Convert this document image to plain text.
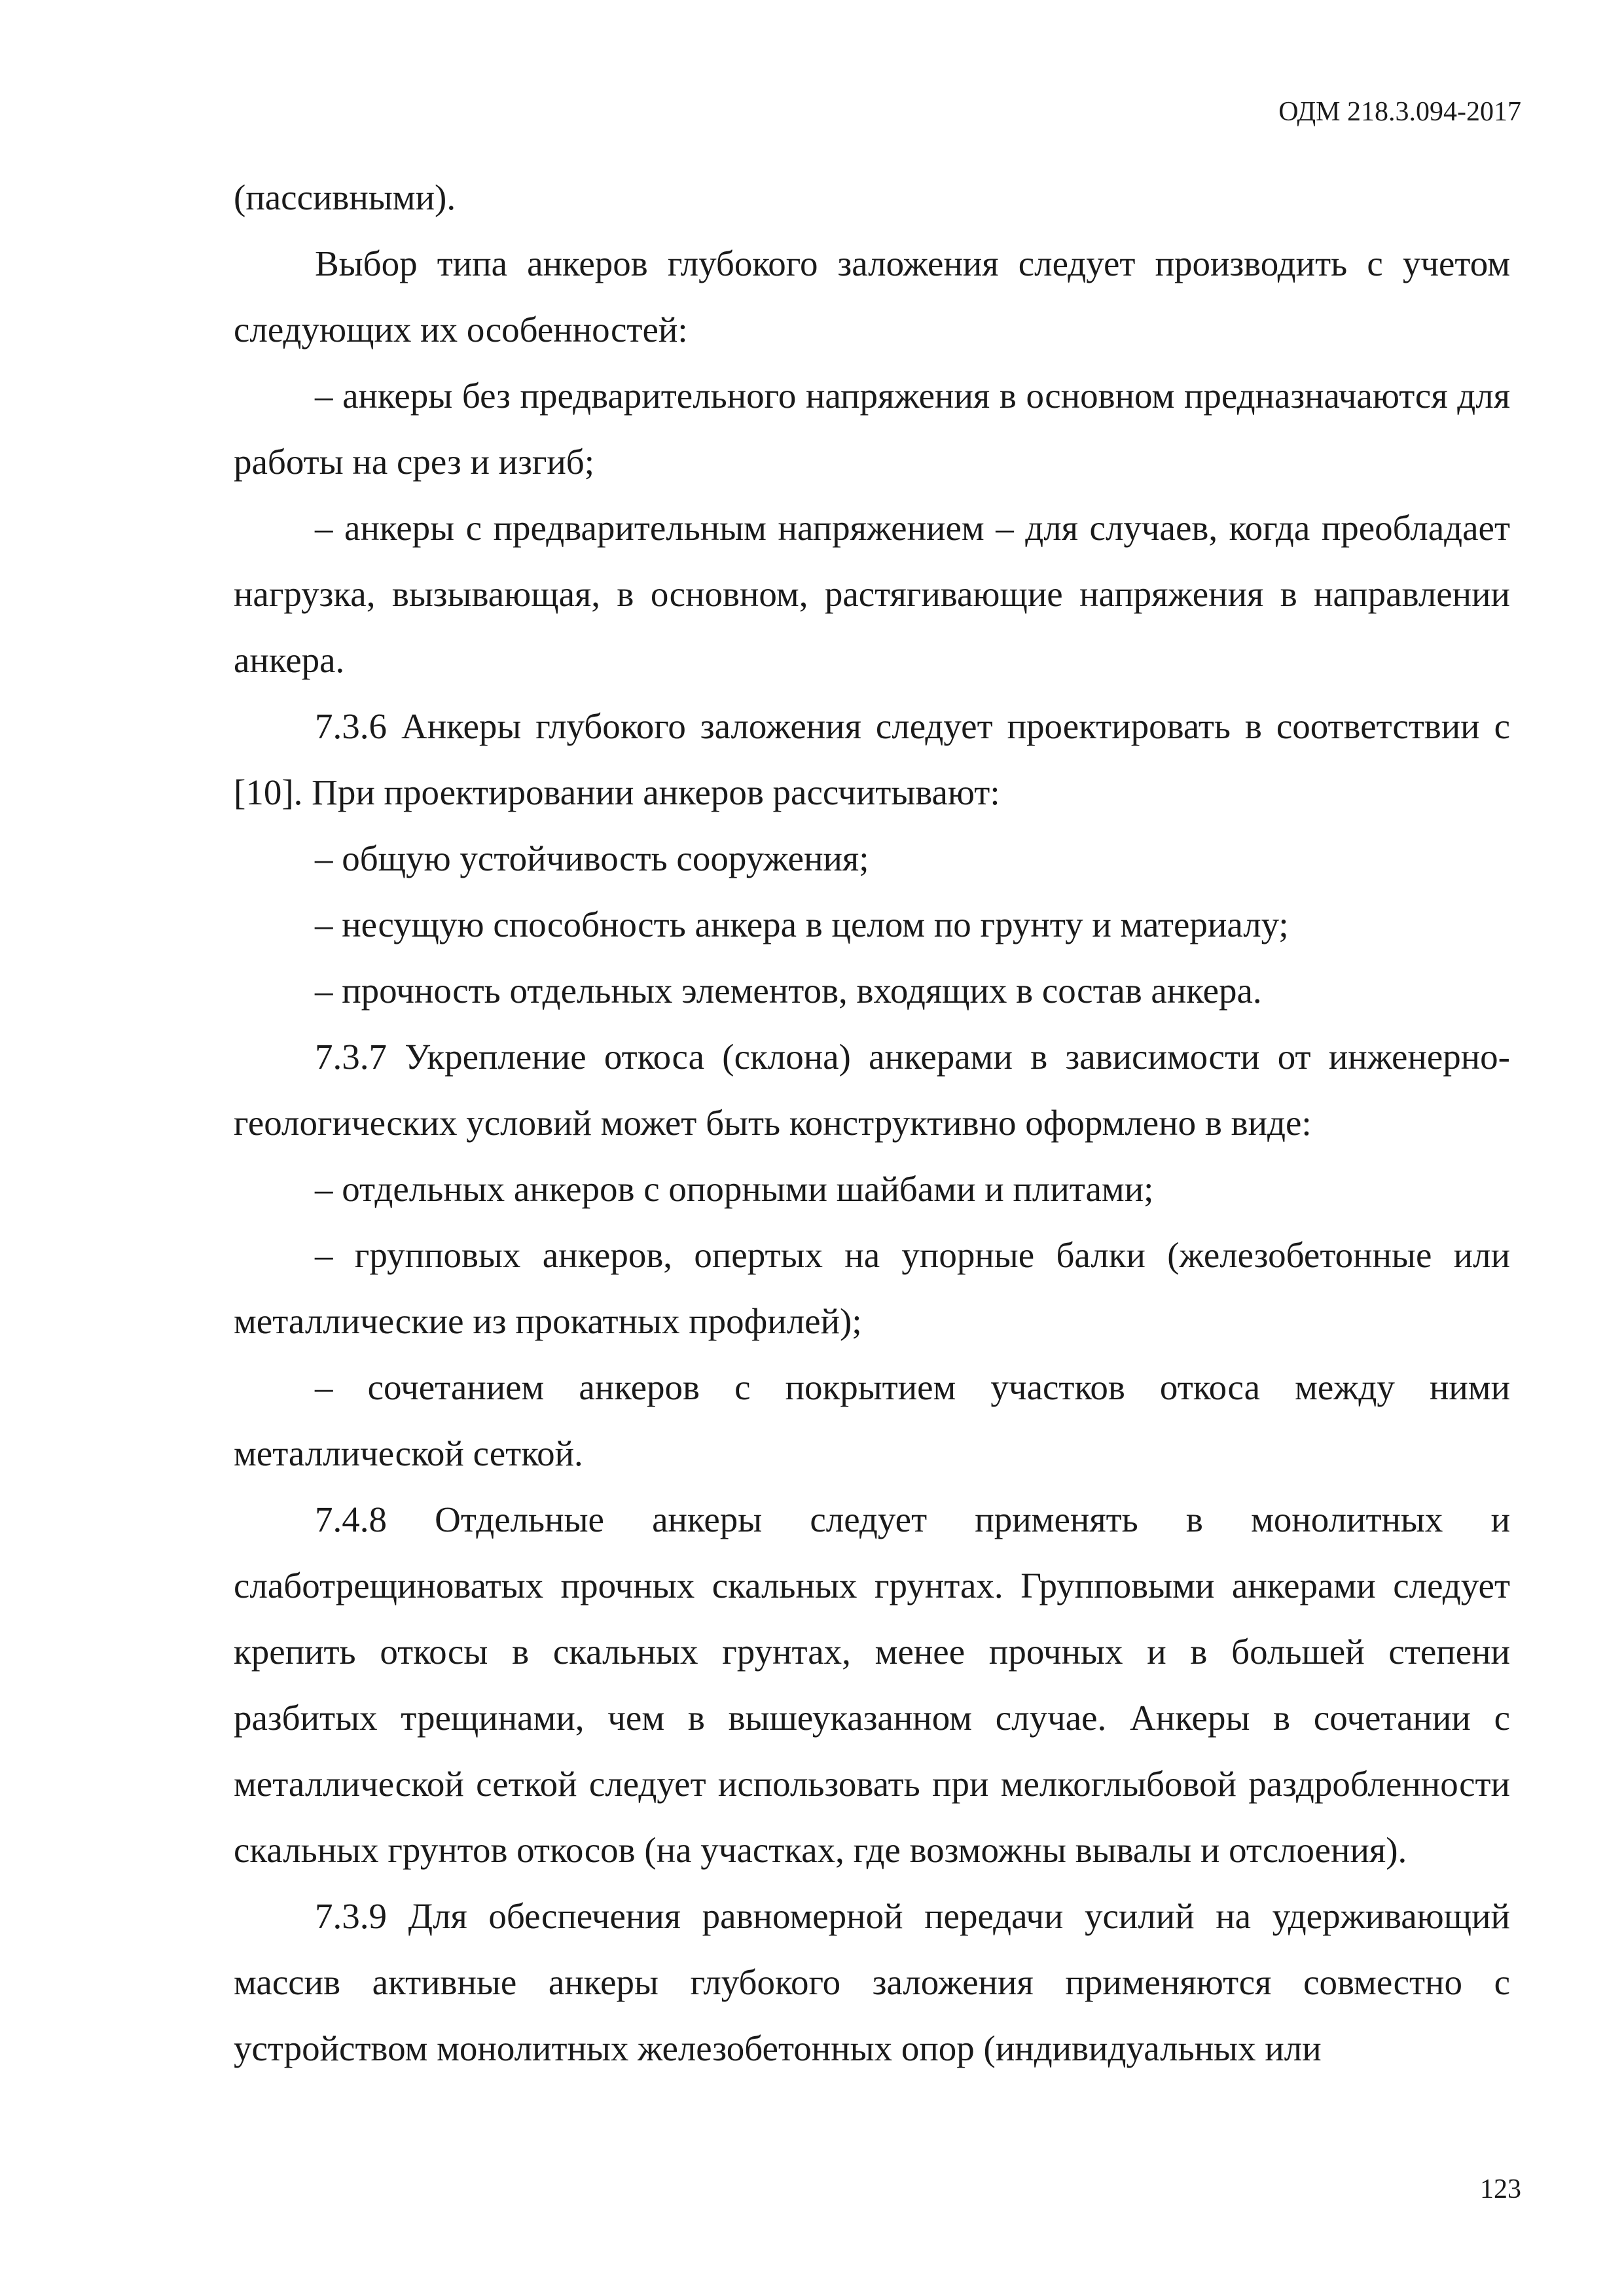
ОДМ 218.3.094-2017

(пассивными).

Выбор типа анкеров глубокого заложения следует производить с учетом следующих их особенностей:

– анкеры без предварительного напряжения в основном предназначаются для работы на срез и изгиб;

– анкеры с предварительным напряжением – для случаев, когда преобладает нагрузка, вызывающая, в основном, растягивающие напряжения в направлении анкера.

7.3.6 Анкеры глубокого заложения следует проектировать в соответствии с [10]. При проектировании анкеров рассчитывают:

– общую устойчивость сооружения;

– несущую способность анкера в целом по грунту и материалу;

– прочность отдельных элементов, входящих в состав анкера.

7.3.7 Укрепление откоса (склона) анкерами в зависимости от инженерно-геологических условий может быть конструктивно оформлено в виде:

– отдельных анкеров с опорными шайбами и плитами;

– групповых анкеров, опертых на упорные балки (железобетонные или металлические из прокатных профилей);

– сочетанием анкеров с покрытием участков откоса между ними металлической сеткой.

7.4.8 Отдельные анкеры следует применять в монолитных и слаботрещиноватых прочных скальных грунтах. Групповыми анкерами следует крепить откосы в скальных грунтах, менее прочных и в большей степени разбитых трещинами, чем в вышеуказанном случае. Анкеры в сочетании с металлической сеткой следует использовать при мелкоглыбовой раздробленности скальных грунтов откосов (на участках, где возможны вывалы и отслоения).

7.3.9 Для обеспечения равномерной передачи усилий на удерживающий массив активные анкеры глубокого заложения применяются совместно с устройством монолитных железобетонных опор (индивидуальных или

123
